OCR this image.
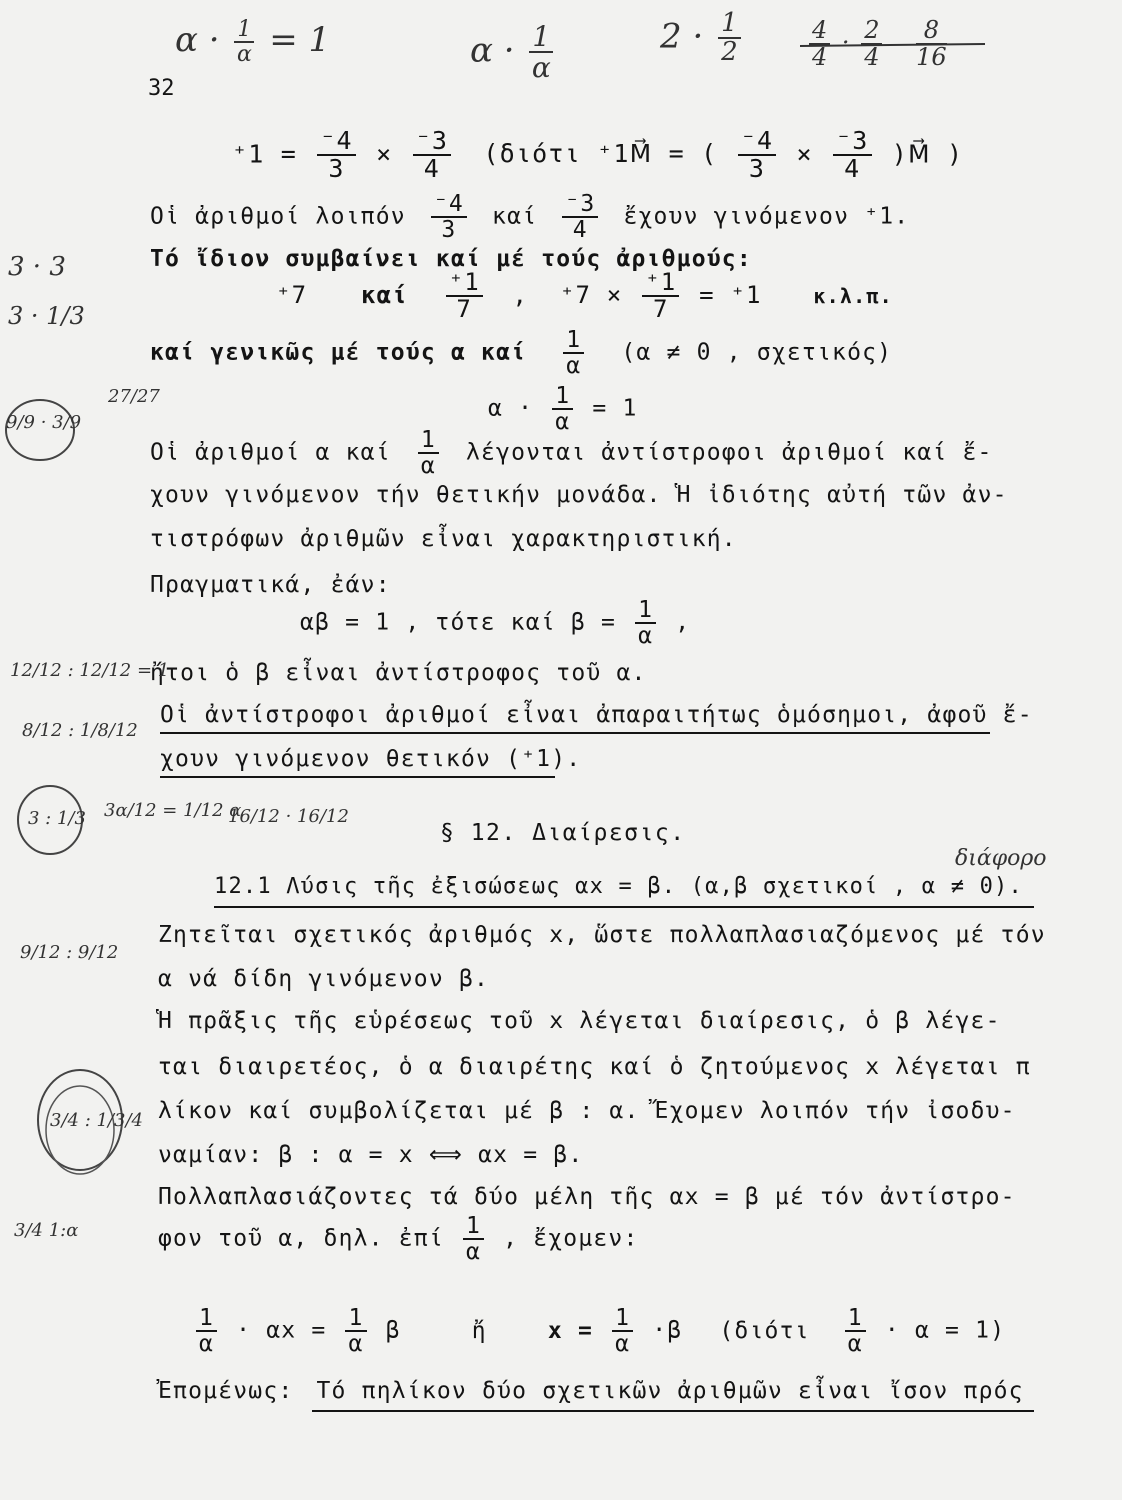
$\alpha \cdot \frac{1}{\alpha} = 1$	$\alpha \cdot \frac{1}{\alpha}$	$2 \cdot \frac{1}{2}$	$\frac{4}{4} \cdot \frac{2}{4}$
$\frac{8}{16}$
32
$^+1 = \frac{^-4}{3} \times \frac{^-3}{4} (\delta\iota ό\tau\iota$ ⁺1M⃗ = ( $\frac{^-4}{3} \times \frac{^-3}{4}$ )M⃗ )
Οἱ ἀριθμοί λοιπόν $\frac{^-4}{3}$ καί $\frac{^-3}{4}$ ἔχουν γινόμενον ⁺1.
Τό ἴδιον συμβαίνει καί μέ τούς ἀριθμούς:
⁺7 καί $\frac{^+1}{7}$ , $^+7 \times \frac{^+1}{7} = ^+1$	κ.λ.π.
καί γενικῶς μέ τούς α καί $\frac{1}{\alpha} (\alpha \ne 0$ , σχετικός)
$\alpha \cdot \frac{1}{\alpha} = 1$
Οἱ ἀριθμοί α καί $\frac{1}{\alpha}$ λέγονται ἀντίστροφοι ἀριθμοί καί ἔ-
χουν γινόμενον τήν θετικήν μονάδα. Ἡ ἰδιότης αὐτή τῶν ἀν-
τιστρόφων ἀριθμῶν εἶναι χαρακτηριστική.
Πραγματικά, ἐάν:
αβ = 1 , τότε καί $\beta = \frac{1}{\alpha}$ ,
ἤτοι ὁ β εἶναι ἀντίστροφος τοῦ α.
Οἱ ἀντίστροφοι ἀριθμοί εἶναι ἀπαραιτήτως ὁμόσημοι, ἀφοῦ ἔ-
χουν γινόμενον θετικόν (⁺1).
§ 12. Διαίρεσις.
διάφορο
12.1 Λύσις τῆς ἐξισώσεως αx = β. (α,β σχετικοί , α ≠ 0).
Ζητεῖται σχετικός ἀριθμός x, ὥστε πολλαπλασιαζόμενος μέ τόν
α νά δίδη γινόμενον β.
Ἡ πρᾶξις τῆς εὑρέσεως τοῦ x λέγεται διαίρεσις, ὁ β λέγε-
ται διαιρετέος, ὁ α διαιρέτης καί ὁ ζητούμενος x λέγεται π
λίκον καί συμβολίζεται μέ β : α. Ἔχομεν λοιπόν τήν ἰσοδυ-
ναμίαν: β : α = x ⟺ αx = β.
Πολλαπλασιάζοντες τά δύο μέλη τῆς αx = β μέ τόν ἀντίστρο-
φον τοῦ α, δηλ. ἐπί $\frac{1}{\alpha}$ , ἔχομεν:
$\frac{1}{\alpha} \cdot \alpha x = \frac{1}{\alpha}$ β	ἤ	$x = \frac{1}{\alpha} \cdot\beta$ $(\delta\iota ό\tau\iota \frac{1}{\alpha} \cdot \alpha = 1)$
Ἐπομένως: Τό πηλίκον δύο σχετικῶν ἀριθμῶν εἶναι ἴσον πρός
3 · 3
3 · 1/3
9/9 · 3/9
27/27
12/12 : 12/12 = 1
8/12 : 1/8/12
3 : 1/3 3α/12 = 1/12 α
16/12 · 16/12
9/12 : 9/12
3/4 : 1/3/4
3/4 1:α
